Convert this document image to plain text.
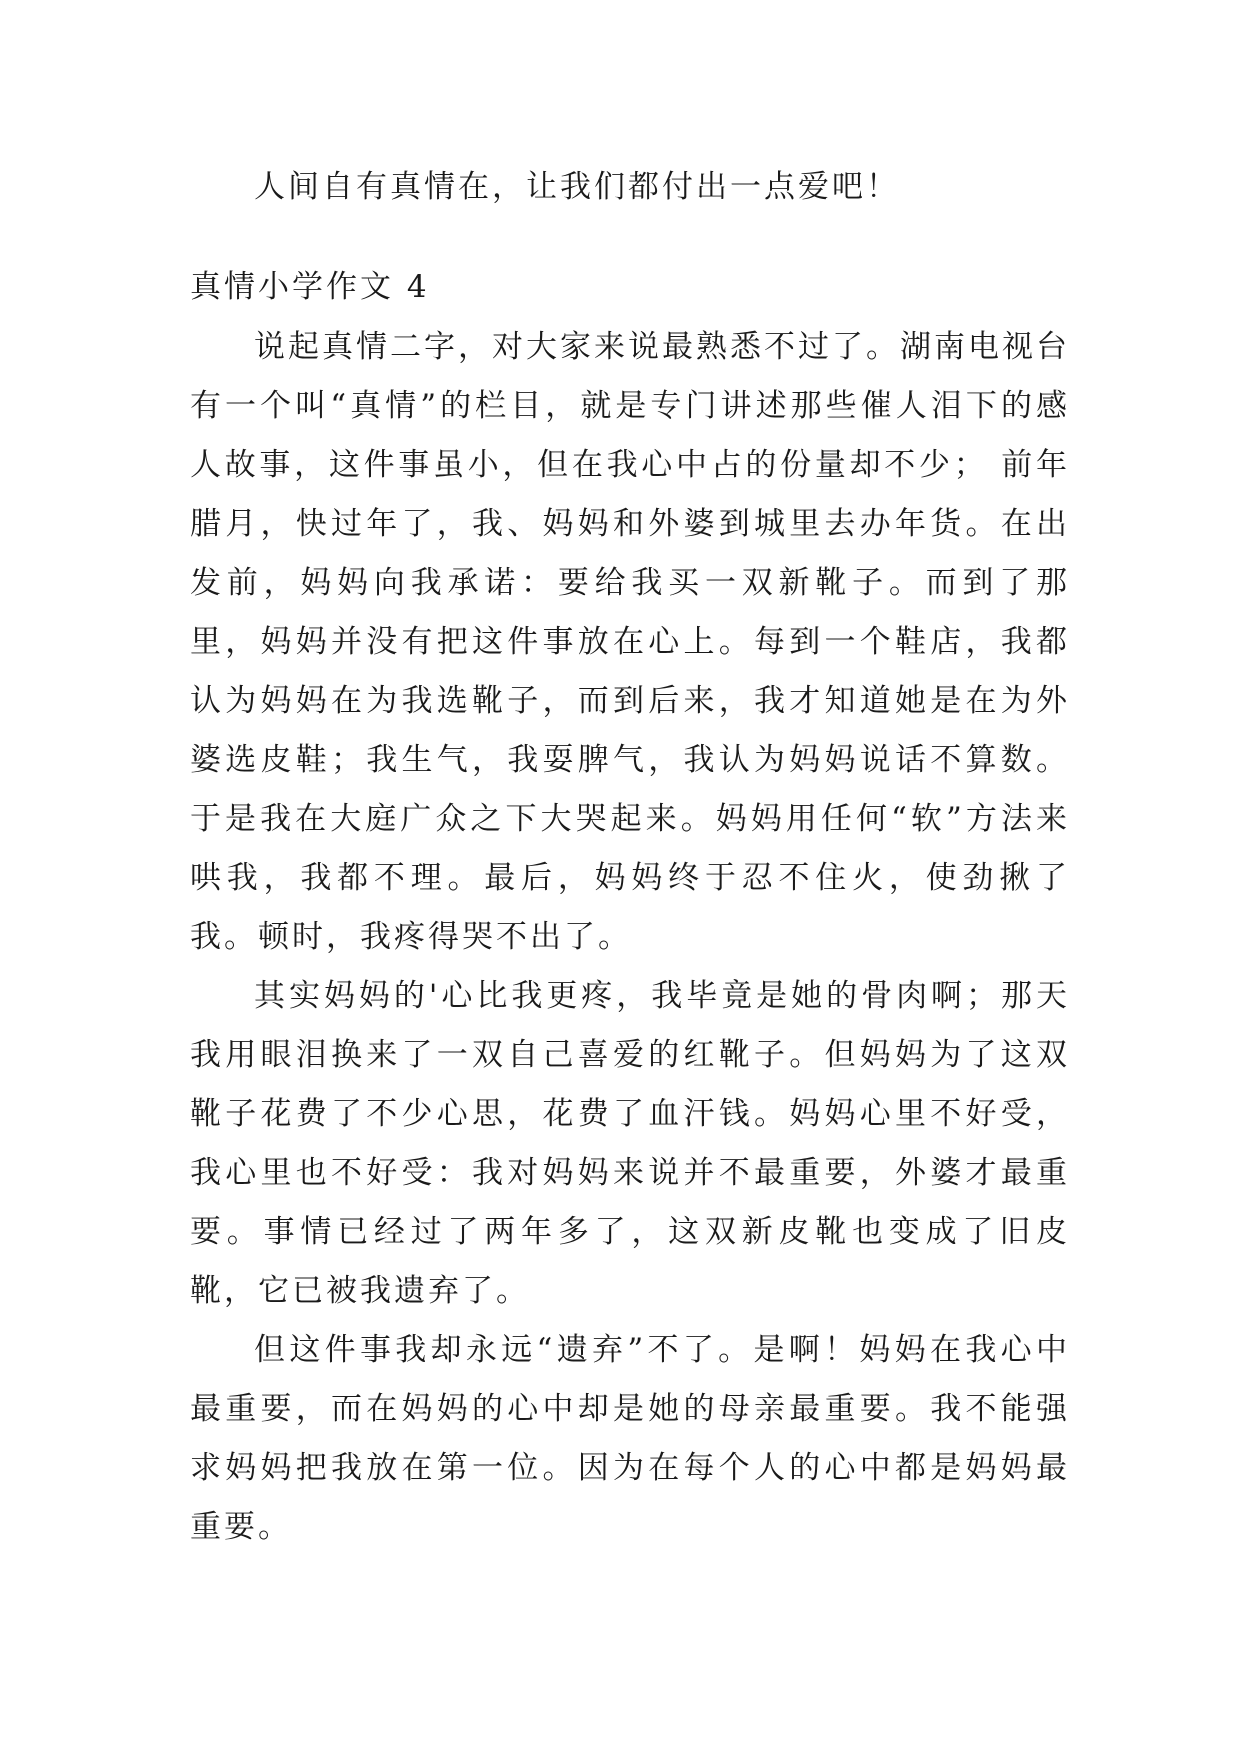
人间自有真情在，让我们都付出一点爱吧！

真情小学作文 4

说起真情二字，对大家来说最熟悉不过了。湖南电视台有一个叫“真情”的栏目，就是专门讲述那些催人泪下的感人故事，这件事虽小，但在我心中占的份量却不少； 前年腊月，快过年了，我、妈妈和外婆到城里去办年货。在出发前，妈妈向我承诺：要给我买一双新靴子。而到了那里，妈妈并没有把这件事放在心上。每到一个鞋店，我都认为妈妈在为我选靴子，而到后来，我才知道她是在为外婆选皮鞋；我生气，我耍脾气，我认为妈妈说话不算数。于是我在大庭广众之下大哭起来。妈妈用任何“软”方法来哄我，我都不理。最后，妈妈终于忍不住火，使劲揪了我。顿时，我疼得哭不出了。

其实妈妈的'心比我更疼，我毕竟是她的骨肉啊；那天我用眼泪换来了一双自己喜爱的红靴子。但妈妈为了这双靴子花费了不少心思，花费了血汗钱。妈妈心里不好受，我心里也不好受：我对妈妈来说并不最重要，外婆才最重要。事情已经过了两年多了，这双新皮靴也变成了旧皮靴，它已被我遗弃了。

但这件事我却永远“遗弃”不了。是啊！妈妈在我心中最重要，而在妈妈的心中却是她的母亲最重要。我不能强求妈妈把我放在第一位。因为在每个人的心中都是妈妈最重要。
